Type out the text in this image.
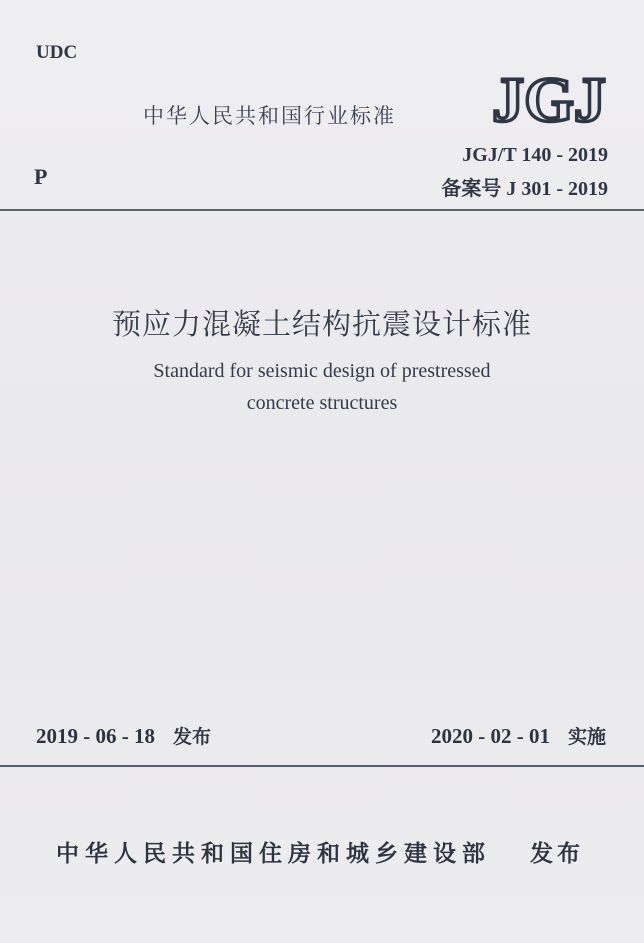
UDC
中华人民共和国行业标准 JGJ
JGJ/T 140 - 2019
P	备案号 J 301 - 2019
预应力混凝土结构抗震设计标准
Standard for seismic design of prestressed
concrete structures
2019 - 06 - 18 发布	2020 - 02 - 01 实施
中华人民共和国住房和城乡建设部 发布
